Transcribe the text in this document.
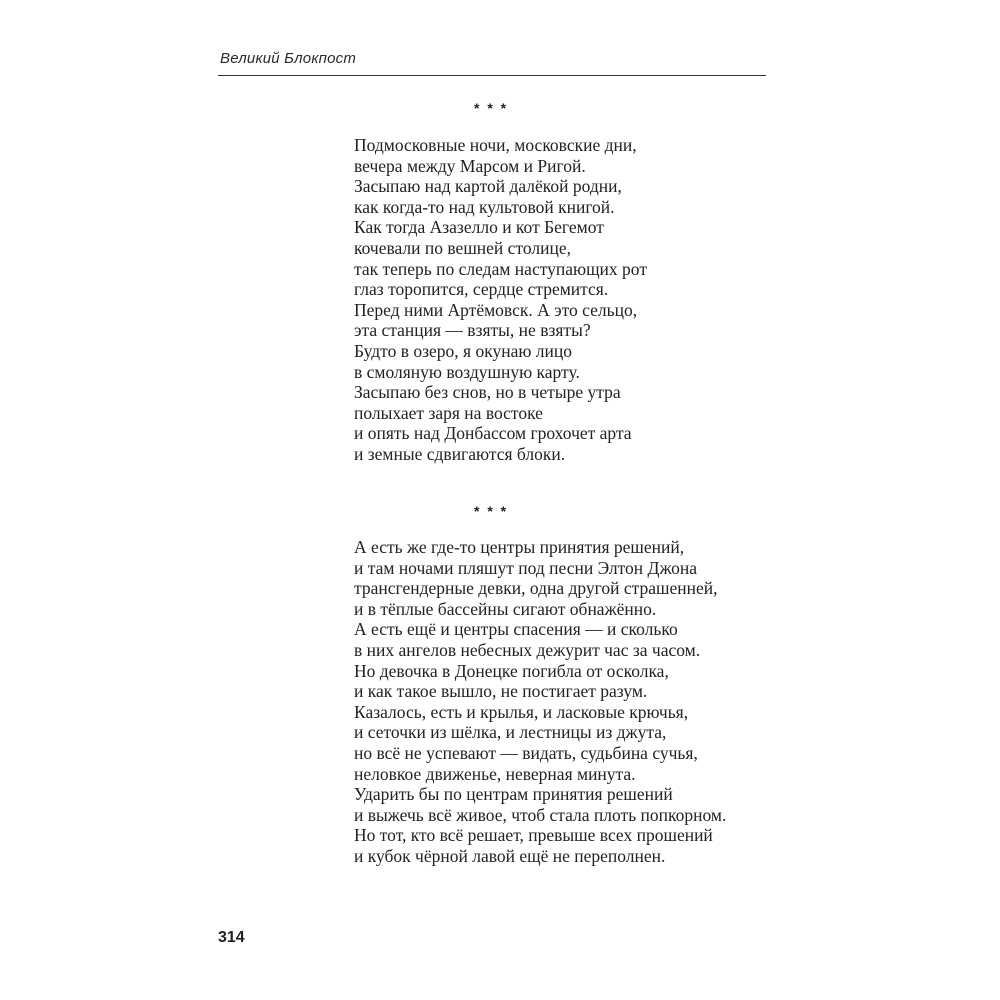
Великий Блокпост
* * *
Подмосковные ночи, московские дни,
вечера между Марсом и Ригой.
Засыпаю над картой далёкой родни,
как когда-то над культовой книгой.
Как тогда Азазелло и кот Бегемот
кочевали по вешней столице,
так теперь по следам наступающих рот
глаз торопится, сердце стремится.
Перед ними Артёмовск. А это сельцо,
эта станция — взяты, не взяты?
Будто в озеро, я окунаю лицо
в смоляную воздушную карту.
Засыпаю без снов, но в четыре утра
полыхает заря на востоке
и опять над Донбассом грохочет арта
и земные сдвигаются блоки.
* * *
А есть же где-то центры принятия решений,
и там ночами пляшут под песни Элтон Джона
трансгендерные девки, одна другой страшенней,
и в тёплые бассейны сигают обнажённо.
А есть ещё и центры спасения — и сколько
в них ангелов небесных дежурит час за часом.
Но девочка в Донецке погибла от осколка,
и как такое вышло, не постигает разум.
Казалось, есть и крылья, и ласковые крючья,
и сеточки из шёлка, и лестницы из джута,
но всё не успевают — видать, судьбина сучья,
неловкое движенье, неверная минута.
Ударить бы по центрам принятия решений
и выжечь всё живое, чтоб стала плоть попкорном.
Но тот, кто всё решает, превыше всех прошений
и кубок чёрной лавой ещё не переполнен.
314
